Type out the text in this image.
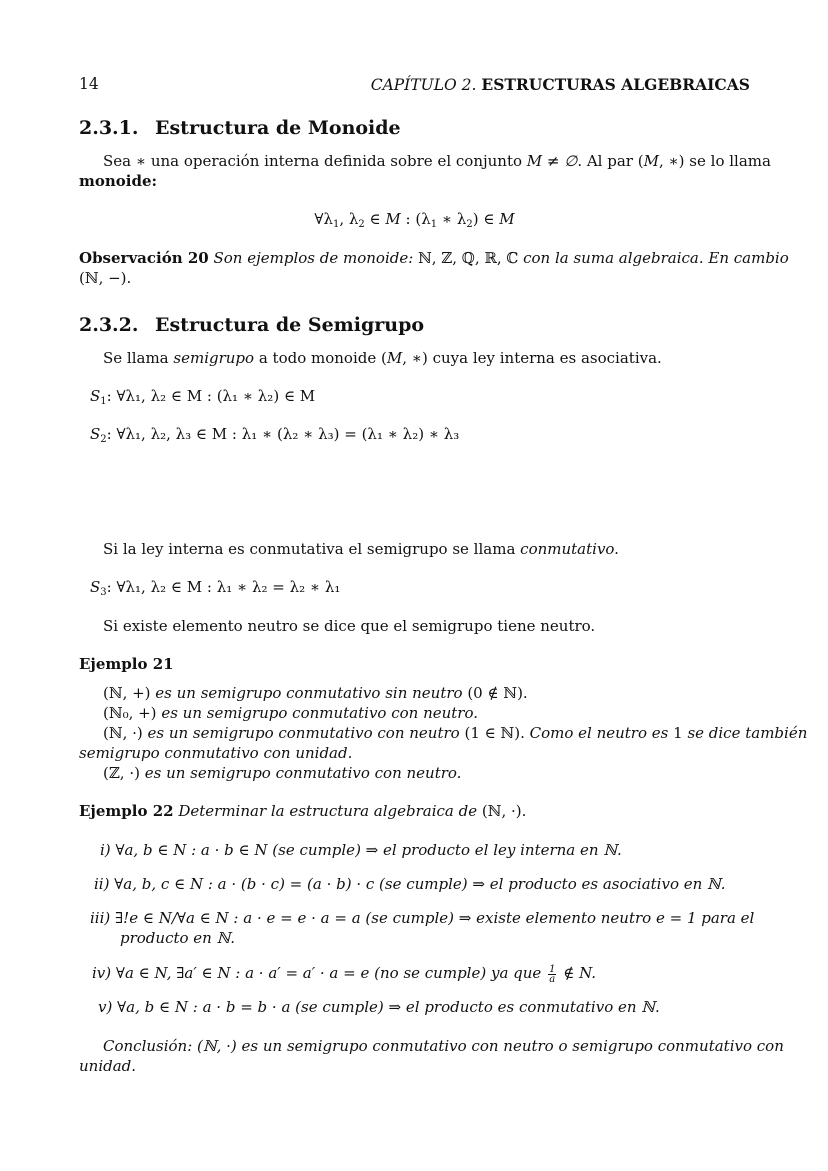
14	CAPÍTULO 2. ESTRUCTURAS ALGEBRAICAS
2.3.1. Estructura de Monoide
Sea ∗ una operación interna definida sobre el conjunto M ≠ ∅. Al par (M, ∗) se lo llama
monoide:
$\forall\lambda_1$, $\lambda_2$ ∈ M : ($\lambda_1$ ∗ $\lambda_2$) ∈ M
Observación 20 Son ejemplos de monoide: ℕ, ℤ, ℚ, ℝ, ℂ con la suma algebraica. En cambio
(ℕ, −).
2.3.2. Estructura de Semigrupo
Se llama semigrupo a todo monoide (M, ∗) cuya ley interna es asociativa.
$S_1$: ∀λ₁, λ₂ ∈ M : (λ₁ ∗ λ₂) ∈ M
$S_2$: ∀λ₁, λ₂, λ₃ ∈ M : λ₁ ∗ (λ₂ ∗ λ₃) = (λ₁ ∗ λ₂) ∗ λ₃
Si la ley interna es conmutativa el semigrupo se llama conmutativo.
$S_3$: ∀λ₁, λ₂ ∈ M : λ₁ ∗ λ₂ = λ₂ ∗ λ₁
Si existe elemento neutro se dice que el semigrupo tiene neutro.
Ejemplo 21
(ℕ, +) es un semigrupo conmutativo sin neutro (0 ∉ ℕ).
(ℕ₀, +) es un semigrupo conmutativo con neutro.
(ℕ, ·) es un semigrupo conmutativo con neutro (1 ∈ ℕ). Como el neutro es 1 se dice también
semigrupo conmutativo con unidad.
(ℤ, ·) es un semigrupo conmutativo con neutro.
Ejemplo 22 Determinar la estructura algebraica de (ℕ, ·).
i) ∀a, b ∈ N : a · b ∈ N (se cumple) ⇒ el producto el ley interna en ℕ.
ii) ∀a, b, c ∈ N : a · (b · c) = (a · b) · c (se cumple) ⇒ el producto es asociativo en ℕ.
iii) ∃!e ∈ N/∀a ∈ N : a · e = e · a = a (se cumple) ⇒ existe elemento neutro e = 1 para el
producto en ℕ.
iv) ∀a ∈ N, ∃a′ ∈ N : a · a′ = a′ · a = e (no se cumple) ya que $\frac{1}{a}$ ∉ N.
v) ∀a, b ∈ N : a · b = b · a (se cumple) ⇒ el producto es conmutativo en ℕ.
Conclusión: (ℕ, ·) es un semigrupo conmutativo con neutro o semigrupo conmutativo con
unidad.
